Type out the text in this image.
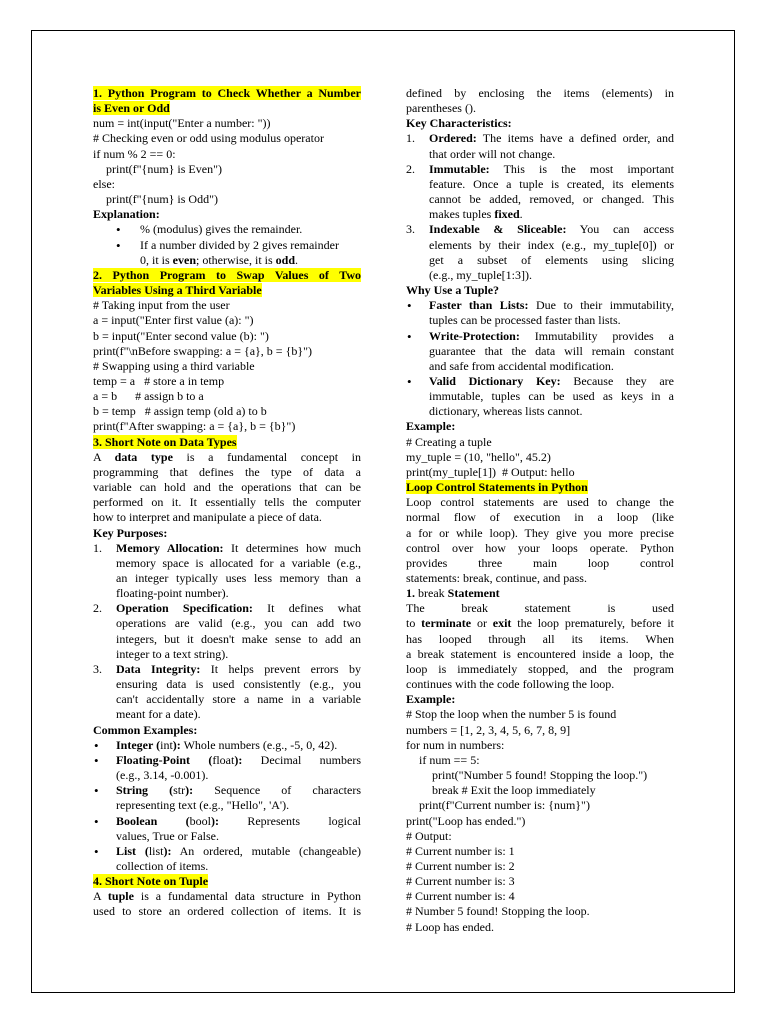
1. Python Program to Check Whether a Number
is Even or Odd
num = int(input("Enter a number: "))
# Checking even or odd using modulus operator
if num % 2 == 0:
print(f"{num} is Even")
else:
print(f"{num} is Odd")
Explanation:
• % (modulus) gives the remainder.
• If a number divided by 2 gives remainder
0, it is even; otherwise, it is odd.
2. Python Program to Swap Values of Two
Variables Using a Third Variable
# Taking input from the user
a = input("Enter first value (a): ")
b = input("Enter second value (b): ")
print(f"\nBefore swapping: a = {a}, b = {b}")
# Swapping using a third variable
temp = a   # store a in temp
a = b      # assign b to a
b = temp   # assign temp (old a) to b
print(f"After swapping: a = {a}, b = {b}")
3. Short Note on Data Types
A data type is a fundamental concept in
programming that defines the type of data a
variable can hold and the operations that can be
performed on it. It essentially tells the computer
how to interpret and manipulate a piece of data.
Key Purposes:
1. Memory Allocation: It determines how much
memory space is allocated for a variable (e.g.,
an integer typically uses less memory than a
floating-point number).
2. Operation Specification: It defines what
operations are valid (e.g., you can add two
integers, but it doesn't make sense to add an
integer to a text string).
3. Data Integrity: It helps prevent errors by
ensuring data is used consistently (e.g., you
can't accidentally store a name in a variable
meant for a date).
Common Examples:
• Integer (int): Whole numbers (e.g., -5, 0, 42).
• Floating-Point (float): Decimal numbers
(e.g., 3.14, -0.001).
• String (str): Sequence of characters
representing text (e.g., "Hello", 'A').
• Boolean (bool): Represents logical
values, True or False.
• List (list): An ordered, mutable (changeable)
collection of items.
4. Short Note on Tuple
A tuple is a fundamental data structure in Python
used to store an ordered collection of items. It is
defined by enclosing the items (elements) in
parentheses ().
Key Characteristics:
1. Ordered: The items have a defined order, and
that order will not change.
2. Immutable: This is the most important
feature. Once a tuple is created, its elements
cannot be added, removed, or changed. This
makes tuples fixed.
3. Indexable & Sliceable: You can access
elements by their index (e.g., my_tuple[0]) or
get a subset of elements using slicing
(e.g., my_tuple[1:3]).
Why Use a Tuple?
• Faster than Lists: Due to their immutability,
tuples can be processed faster than lists.
• Write-Protection: Immutability provides a
guarantee that the data will remain constant
and safe from accidental modification.
• Valid Dictionary Key: Because they are
immutable, tuples can be used as keys in a
dictionary, whereas lists cannot.
Example:
# Creating a tuple
my_tuple = (10, "hello", 45.2)
print(my_tuple[1])  # Output: hello
Loop Control Statements in Python
Loop control statements are used to change the
normal flow of execution in a loop (like
a for or while loop). They give you more precise
control over how your loops operate. Python
provides three main loop control
statements: break, continue, and pass.
1. break Statement
The break statement is used
to terminate or exit the loop prematurely, before it
has looped through all its items. When
a break statement is encountered inside a loop, the
loop is immediately stopped, and the program
continues with the code following the loop.
Example:
# Stop the loop when the number 5 is found
numbers = [1, 2, 3, 4, 5, 6, 7, 8, 9]
for num in numbers:
if num == 5:
print("Number 5 found! Stopping the loop.")
break # Exit the loop immediately
print(f"Current number is: {num}")
print("Loop has ended.")
# Output:
# Current number is: 1
# Current number is: 2
# Current number is: 3
# Current number is: 4
# Number 5 found! Stopping the loop.
# Loop has ended.
